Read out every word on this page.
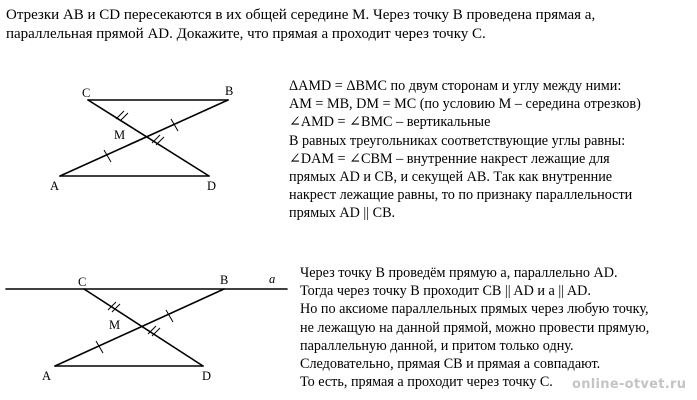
Отрезки AB и CD пересекаются в их общей середине M. Через точку B проведена прямая a,
параллельная прямой AD. Докажите, что прямая a проходит через точку C.
C	B
M
A	D
ΔAMD = ΔBMC по двум сторонам и углу между ними:
AM = MB, DM = MC (по условию M – середина отрезков)
∠AMD = ∠BMC – вертикальные
В равных треугольниках соответствующие углы равны:
∠DAM = ∠CBM – внутренние накрест лежащие для
прямых AD и CB, и секущей AB. Так как внутренние
накрест лежащие равны, то по признаку параллельности
прямых AD || CB.
C	B	a
M
A	D
Через точку B проведём прямую a, параллельно AD.
Тогда через точку B проходит CB || AD и a || AD.
Но по аксиоме параллельных прямых через любую точку,
не лежащую на данной прямой, можно провести прямую,
параллельную данной, и притом только одну.
Следовательно, прямая CB и прямая a совпадают.
То есть, прямая a проходит через точку C.	online-otvet.ru
